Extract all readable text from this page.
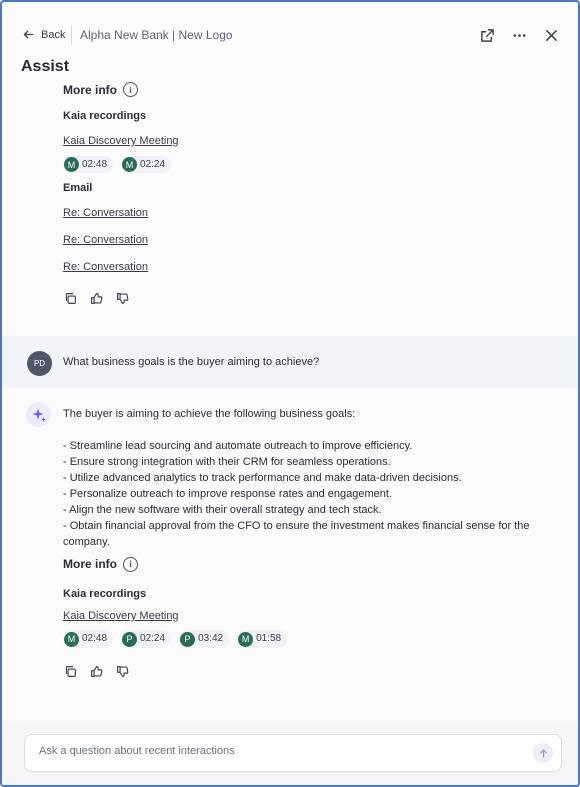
Back Alpha New Bank | New Logo
Assist
More info	i
Kaia recordings
Kaia Discovery Meeting
M 02:48	M 02:24
Email
Re: Conversation
Re: Conversation
Re: Conversation
PD	What business goals is the buyer aiming to achieve?

The buyer is aiming to achieve the following business goals:

- Streamline lead sourcing and automate outreach to improve efficiency.

- Ensure strong integration with their CRM for seamless operations.

- Utilize advanced analytics to track performance and make data-driven decisions.

- Personalize outreach to improve response rates and engagement.

- Align the new software with their overall strategy and tech stack.

- Obtain financial approval from the CFO to ensure the investment makes financial sense for the company.

More info	i
Kaia recordings
Kaia Discovery Meeting
M 02:48	P 02:24	P 03:42	M 01:58
Ask a question about recent interactions
